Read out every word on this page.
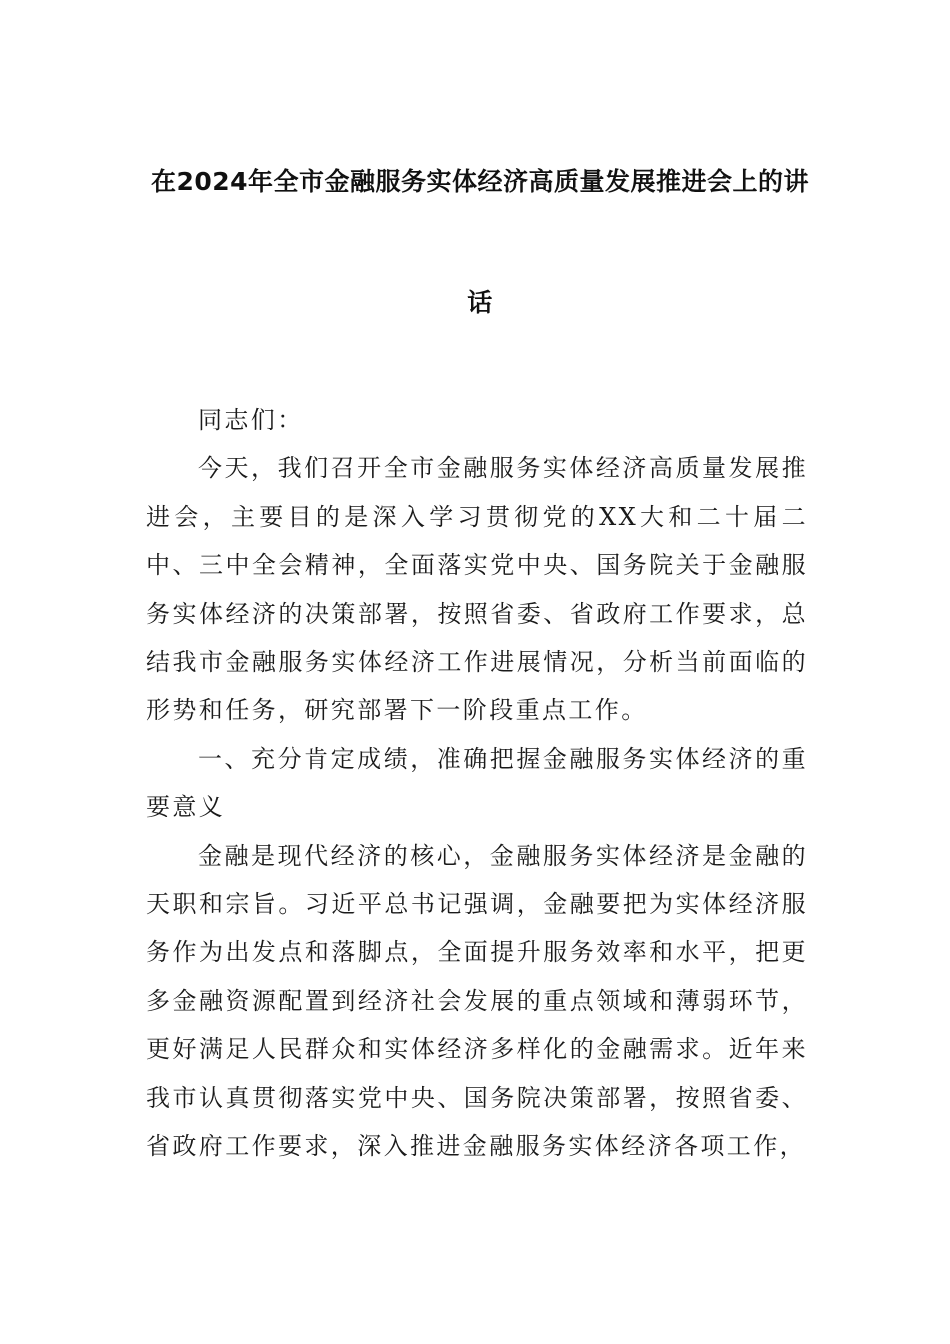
在2024年全市金融服务实体经济高质量发展推进会上的讲
话

同志们：

今天，我们召开全市金融服务实体经济高质量发展推进会，主要目的是深入学习贯彻党的XX大和二十届二中、三中全会精神，全面落实党中央、国务院关于金融服务实体经济的决策部署，按照省委、省政府工作要求，总结我市金融服务实体经济工作进展情况，分析当前面临的形势和任务，研究部署下一阶段重点工作。

一、充分肯定成绩，准确把握金融服务实体经济的重要意义

金融是现代经济的核心，金融服务实体经济是金融的天职和宗旨。习近平总书记强调，金融要把为实体经济服务作为出发点和落脚点，全面提升服务效率和水平，把更多金融资源配置到经济社会发展的重点领域和薄弱环节，更好满足人民群众和实体经济多样化的金融需求。近年来我市认真贯彻落实党中央、国务院决策部署，按照省委、省政府工作要求，深入推进金融服务实体经济各项工作，
